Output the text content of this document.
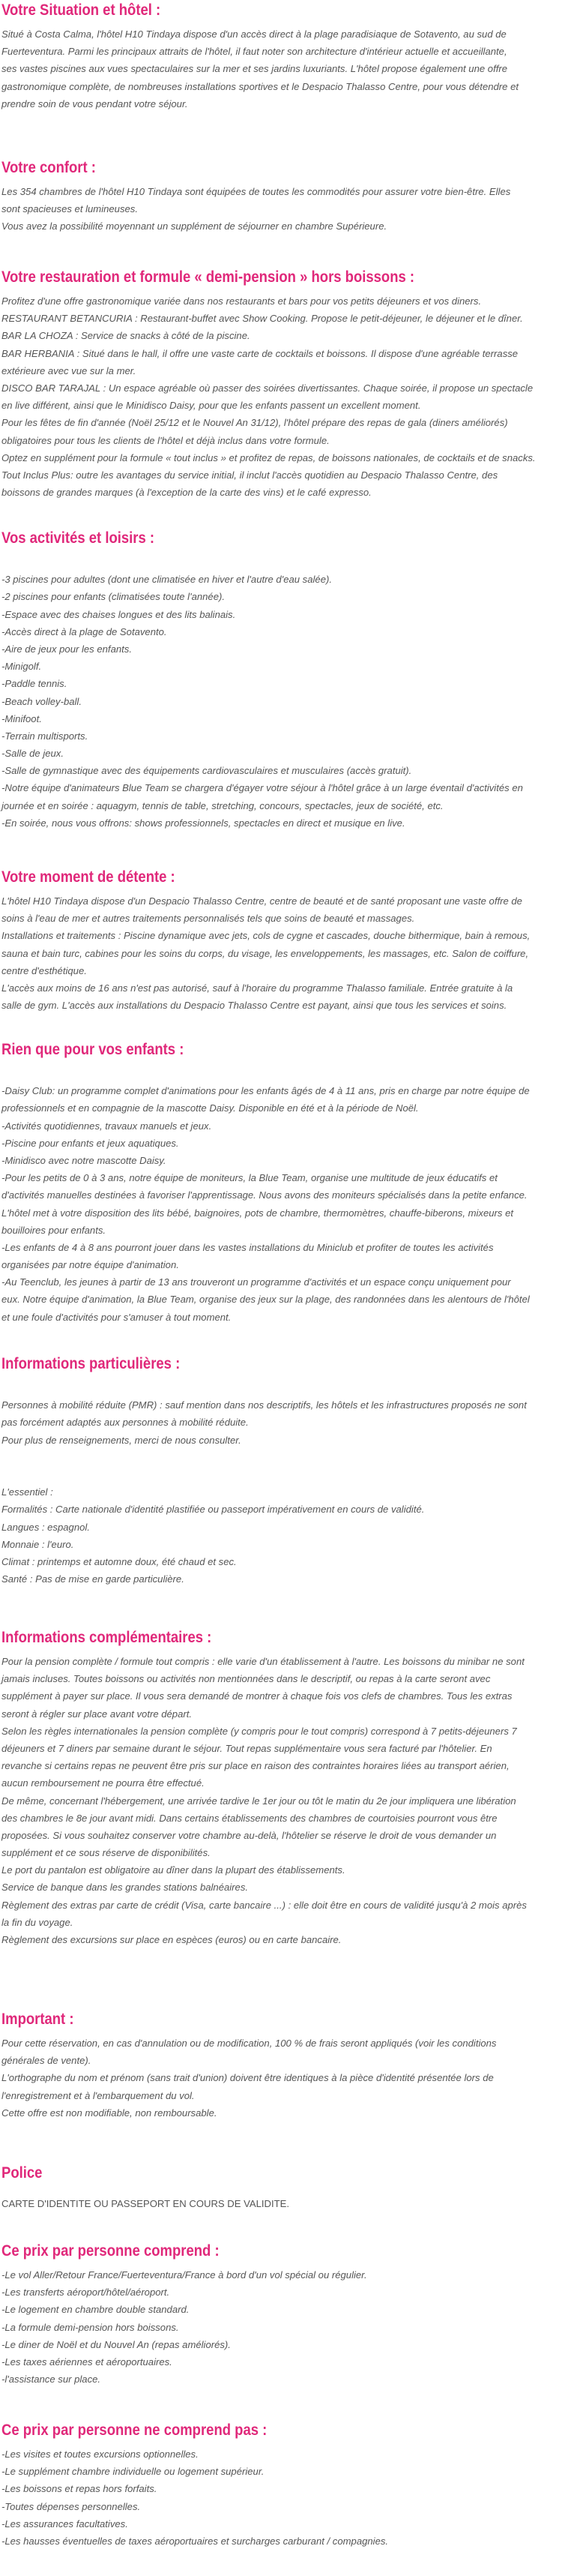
Votre Situation et hôtel :

Situé à Costa Calma, l'hôtel H10 Tindaya dispose d'un accès direct à la plage paradisiaque de Sotavento, au sud de

Fuerteventura. Parmi les principaux attraits de l'hôtel, il faut noter son architecture d'intérieur actuelle et accueillante,

ses vastes piscines aux vues spectaculaires sur la mer et ses jardins luxuriants. L'hôtel propose également une offre

gastronomique complète, de nombreuses installations sportives et le Despacio Thalasso Centre, pour vous détendre et

prendre soin de vous pendant votre séjour.

Votre confort :

Les 354 chambres de l'hôtel H10 Tindaya sont équipées de toutes les commodités pour assurer votre bien-être. Elles

sont spacieuses et lumineuses.

Vous avez la possibilité moyennant un supplément de séjourner en chambre Supérieure.

Votre restauration et formule « demi-pension » hors boissons :

Profitez d'une offre gastronomique variée dans nos restaurants et bars pour vos petits déjeuners et vos diners.

RESTAURANT BETANCURIA : Restaurant-buffet avec Show Cooking. Propose le petit-déjeuner, le déjeuner et le dîner.

BAR LA CHOZA : Service de snacks à côté de la piscine.

BAR HERBANIA : Situé dans le hall, il offre une vaste carte de cocktails et boissons. Il dispose d'une agréable terrasse

extérieure avec vue sur la mer.

DISCO BAR TARAJAL : Un espace agréable où passer des soirées divertissantes. Chaque soirée, il propose un spectacle

en live différent, ainsi que le Minidisco Daisy, pour que les enfants passent un excellent moment.

Pour les fêtes de fin d'année (Noël 25/12 et le Nouvel An 31/12), l'hôtel prépare des repas de gala (diners améliorés)

obligatoires pour tous les clients de l'hôtel et déjà inclus dans votre formule.

Optez en supplément pour la formule « tout inclus » et profitez de repas, de boissons nationales, de cocktails et de snacks.

Tout Inclus Plus: outre les avantages du service initial, il inclut l'accès quotidien au Despacio Thalasso Centre, des

boissons de grandes marques (à l'exception de la carte des vins) et le café expresso.

Vos activités et loisirs :

-3 piscines pour adultes (dont une climatisée en hiver et l'autre d'eau salée).

-2 piscines pour enfants (climatisées toute l'année).

-Espace avec des chaises longues et des lits balinais.

-Accès direct à la plage de Sotavento.

-Aire de jeux pour les enfants.

-Minigolf.

-Paddle tennis.

-Beach volley-ball.

-Minifoot.

-Terrain multisports.

-Salle de jeux.

-Salle de gymnastique avec des équipements cardiovasculaires et musculaires (accès gratuit).

-Notre équipe d'animateurs Blue Team se chargera d'égayer votre séjour à l'hôtel grâce à un large éventail d'activités en

journée et en soirée : aquagym, tennis de table, stretching, concours, spectacles, jeux de société, etc.

-En soirée, nous vous offrons: shows professionnels, spectacles en direct et musique en live.

Votre moment de détente :

L'hôtel H10 Tindaya dispose d'un Despacio Thalasso Centre, centre de beauté et de santé proposant une vaste offre de

soins à l'eau de mer et autres traitements personnalisés tels que soins de beauté et massages.

Installations et traitements : Piscine dynamique avec jets, cols de cygne et cascades, douche bithermique, bain à remous,

sauna et bain turc, cabines pour les soins du corps, du visage, les enveloppements, les massages, etc. Salon de coiffure,

centre d'esthétique.

L'accès aux moins de 16 ans n'est pas autorisé, sauf à l'horaire du programme Thalasso familiale. Entrée gratuite à la

salle de gym. L'accès aux installations du Despacio Thalasso Centre est payant, ainsi que tous les services et soins.

Rien que pour vos enfants :

-Daisy Club: un programme complet d'animations pour les enfants âgés de 4 à 11 ans, pris en charge par notre équipe de

professionnels et en compagnie de la mascotte Daisy. Disponible en été et à la période de Noël.

-Activités quotidiennes, travaux manuels et jeux.

-Piscine pour enfants et jeux aquatiques.

-Minidisco avec notre mascotte Daisy.

-Pour les petits de 0 à 3 ans, notre équipe de moniteurs, la Blue Team, organise une multitude de jeux éducatifs et

d'activités manuelles destinées à favoriser l'apprentissage. Nous avons des moniteurs spécialisés dans la petite enfance.

L'hôtel met à votre disposition des lits bébé, baignoires, pots de chambre, thermomètres, chauffe-biberons, mixeurs et

bouilloires pour enfants.

-Les enfants de 4 à 8 ans pourront jouer dans les vastes installations du Miniclub et profiter de toutes les activités

organisées par notre équipe d'animation.

-Au Teenclub, les jeunes à partir de 13 ans trouveront un programme d'activités et un espace conçu uniquement pour

eux. Notre équipe d'animation, la Blue Team, organise des jeux sur la plage, des randonnées dans les alentours de l'hôtel

et une foule d'activités pour s'amuser à tout moment.

Informations particulières :

Personnes à mobilité réduite (PMR) : sauf mention dans nos descriptifs, les hôtels et les infrastructures proposés ne sont

pas forcément adaptés aux personnes à mobilité réduite.

Pour plus de renseignements, merci de nous consulter.

L'essentiel :

Formalités : Carte nationale d'identité plastifiée ou passeport impérativement en cours de validité.

Langues : espagnol.

Monnaie : l'euro.

Climat : printemps et automne doux, été chaud et sec.

Santé : Pas de mise en garde particulière.

Informations complémentaires :

Pour la pension complète / formule tout compris : elle varie d'un établissement à l'autre. Les boissons du minibar ne sont

jamais incluses. Toutes boissons ou activités non mentionnées dans le descriptif, ou repas à la carte seront avec

supplément à payer sur place. Il vous sera demandé de montrer à chaque fois vos clefs de chambres. Tous les extras

seront à régler sur place avant votre départ.

Selon les règles internationales la pension complète (y compris pour le tout compris) correspond à 7 petits-déjeuners 7

déjeuners et 7 diners par semaine durant le séjour. Tout repas supplémentaire vous sera facturé par l'hôtelier. En

revanche si certains repas ne peuvent être pris sur place en raison des contraintes horaires liées au transport aérien,

aucun remboursement ne pourra être effectué.

De même, concernant l'hébergement, une arrivée tardive le 1er jour ou tôt le matin du 2e jour impliquera une libération

des chambres le 8e jour avant midi. Dans certains établissements des chambres de courtoisies pourront vous être

proposées. Si vous souhaitez conserver votre chambre au-delà, l'hôtelier se réserve le droit de vous demander un

supplément et ce sous réserve de disponibilités.

Le port du pantalon est obligatoire au dîner dans la plupart des établissements.

Service de banque dans les grandes stations balnéaires.

Règlement des extras par carte de crédit (Visa, carte bancaire ...) : elle doit être en cours de validité jusqu'à 2 mois après

la fin du voyage.

Règlement des excursions sur place en espèces (euros) ou en carte bancaire.

Important :

Pour cette réservation, en cas d'annulation ou de modification, 100 % de frais seront appliqués (voir les conditions

générales de vente).

L'orthographe du nom et prénom (sans trait d'union) doivent être identiques à la pièce d'identité présentée lors de

l'enregistrement et à l'embarquement du vol.

Cette offre est non modifiable, non remboursable.

Police

CARTE D'IDENTITE OU PASSEPORT EN COURS DE VALIDITE.

Ce prix par personne comprend :

-Le vol Aller/Retour France/Fuerteventura/France à bord d'un vol spécial ou régulier.

-Les transferts aéroport/hôtel/aéroport.

-Le logement en chambre double standard.

-La formule demi-pension hors boissons.

-Le diner de Noël et du Nouvel An (repas améliorés).

-Les taxes aériennes et aéroportuaires.

-l'assistance sur place.

Ce prix par personne ne comprend pas :

-Les visites et toutes excursions optionnelles.

-Le supplément chambre individuelle ou logement supérieur.

-Les boissons et repas hors forfaits.

-Toutes dépenses personnelles.

-Les assurances facultatives.

-Les hausses éventuelles de taxes aéroportuaires et surcharges carburant / compagnies.
